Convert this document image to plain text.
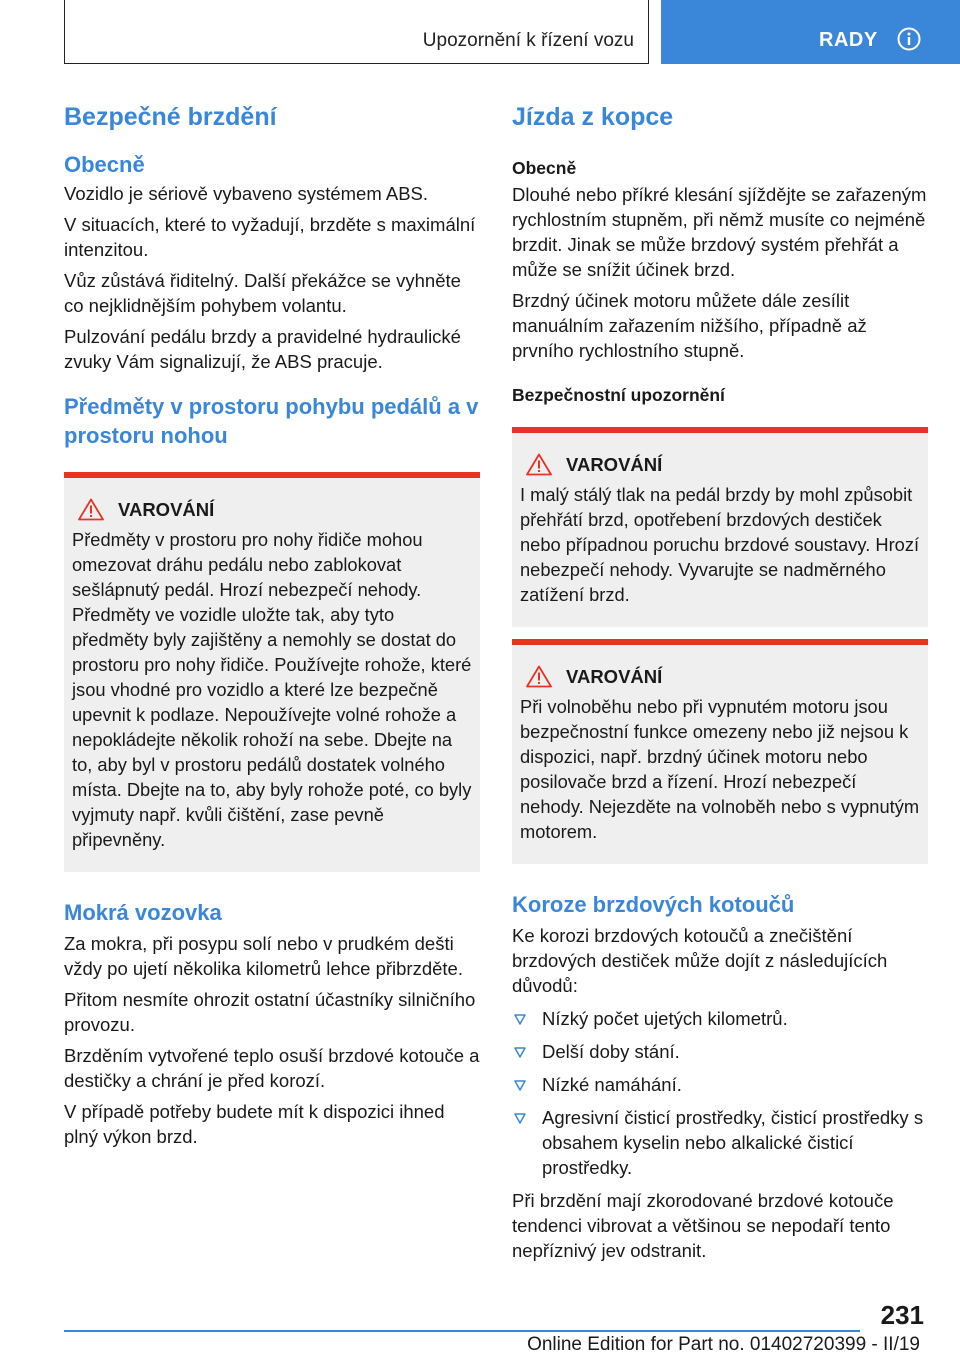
Upozornění k řízení vozu	RADY
Bezpečné brzdění
Obecně

Vozidlo je sériově vybaveno systémem ABS.

V situacích, které to vyžadují, brzděte s maximální intenzitou.

Vůz zůstává řiditelný. Další překážce se vyhněte co nejklidnějším pohybem volantu.

Pulzování pedálu brzdy a pravidelné hydraulické zvuky Vám signalizují, že ABS pracuje.

Předměty v prostoru pohybu pedálů a v prostoru nohou
VAROVÁNÍ

Předměty v prostoru pro nohy řidiče mohou omezovat dráhu pedálu nebo zablokovat sešlápnutý pedál. Hrozí nebezpečí nehody. Předměty ve vozidle uložte tak, aby tyto předměty byly zajištěny a nemohly se dostat do prostoru pro nohy řidiče. Používejte rohože, které jsou vhodné pro vozidlo a které lze bezpečně upevnit k podlaze. Nepoužívejte volné rohože a nepokládejte několik rohoží na sebe. Dbejte na to, aby byl v prostoru pedálů dostatek volného místa. Dbejte na to, aby byly rohože poté, co byly vyjmuty např. kvůli čištění, zase pevně připevněny.

Mokrá vozovka

Za mokra, při posypu solí nebo v prudkém dešti vždy po ujetí několika kilometrů lehce přibrzděte.

Přitom nesmíte ohrozit ostatní účastníky silničního provozu.

Brzděním vytvořené teplo osuší brzdové kotouče a destičky a chrání je před korozí.

V případě potřeby budete mít k dispozici ihned plný výkon brzd.

Jízda z kopce
Obecně

Dlouhé nebo příkré klesání sjíždějte se zařazeným rychlostním stupněm, při němž musíte co nejméně brzdit. Jinak se může brzdový systém přehřát a může se snížit účinek brzd.

Brzdný účinek motoru můžete dále zesílit manuálním zařazením nižšího, případně až prvního rychlostního stupně.

Bezpečnostní upozornění
VAROVÁNÍ

I malý stálý tlak na pedál brzdy by mohl způsobit přehřátí brzd, opotřebení brzdových destiček nebo případnou poruchu brzdové soustavy. Hrozí nebezpečí nehody. Vyvarujte se nadměrného zatížení brzd.

VAROVÁNÍ

Při volnoběhu nebo při vypnutém motoru jsou bezpečnostní funkce omezeny nebo již nejsou k dispozici, např. brzdný účinek motoru nebo posilovače brzd a řízení. Hrozí nebezpečí nehody. Nejezděte na volnoběh nebo s vypnutým motorem.

Koroze brzdových kotoučů

Ke korozi brzdových kotoučů a znečištění brzdových destiček může dojít z následujících důvodů:

Nízký počet ujetých kilometrů.
Delší doby stání.
Nízké namáhání.
Agresivní čisticí prostředky, čisticí prostředky s obsahem kyselin nebo alkalické čisticí prostředky.

Při brzdění mají zkorodované brzdové kotouče tendenci vibrovat a většinou se nepodaří tento nepříznivý jev odstranit.

231
Online Edition for Part no. 01402720399 - II/19
